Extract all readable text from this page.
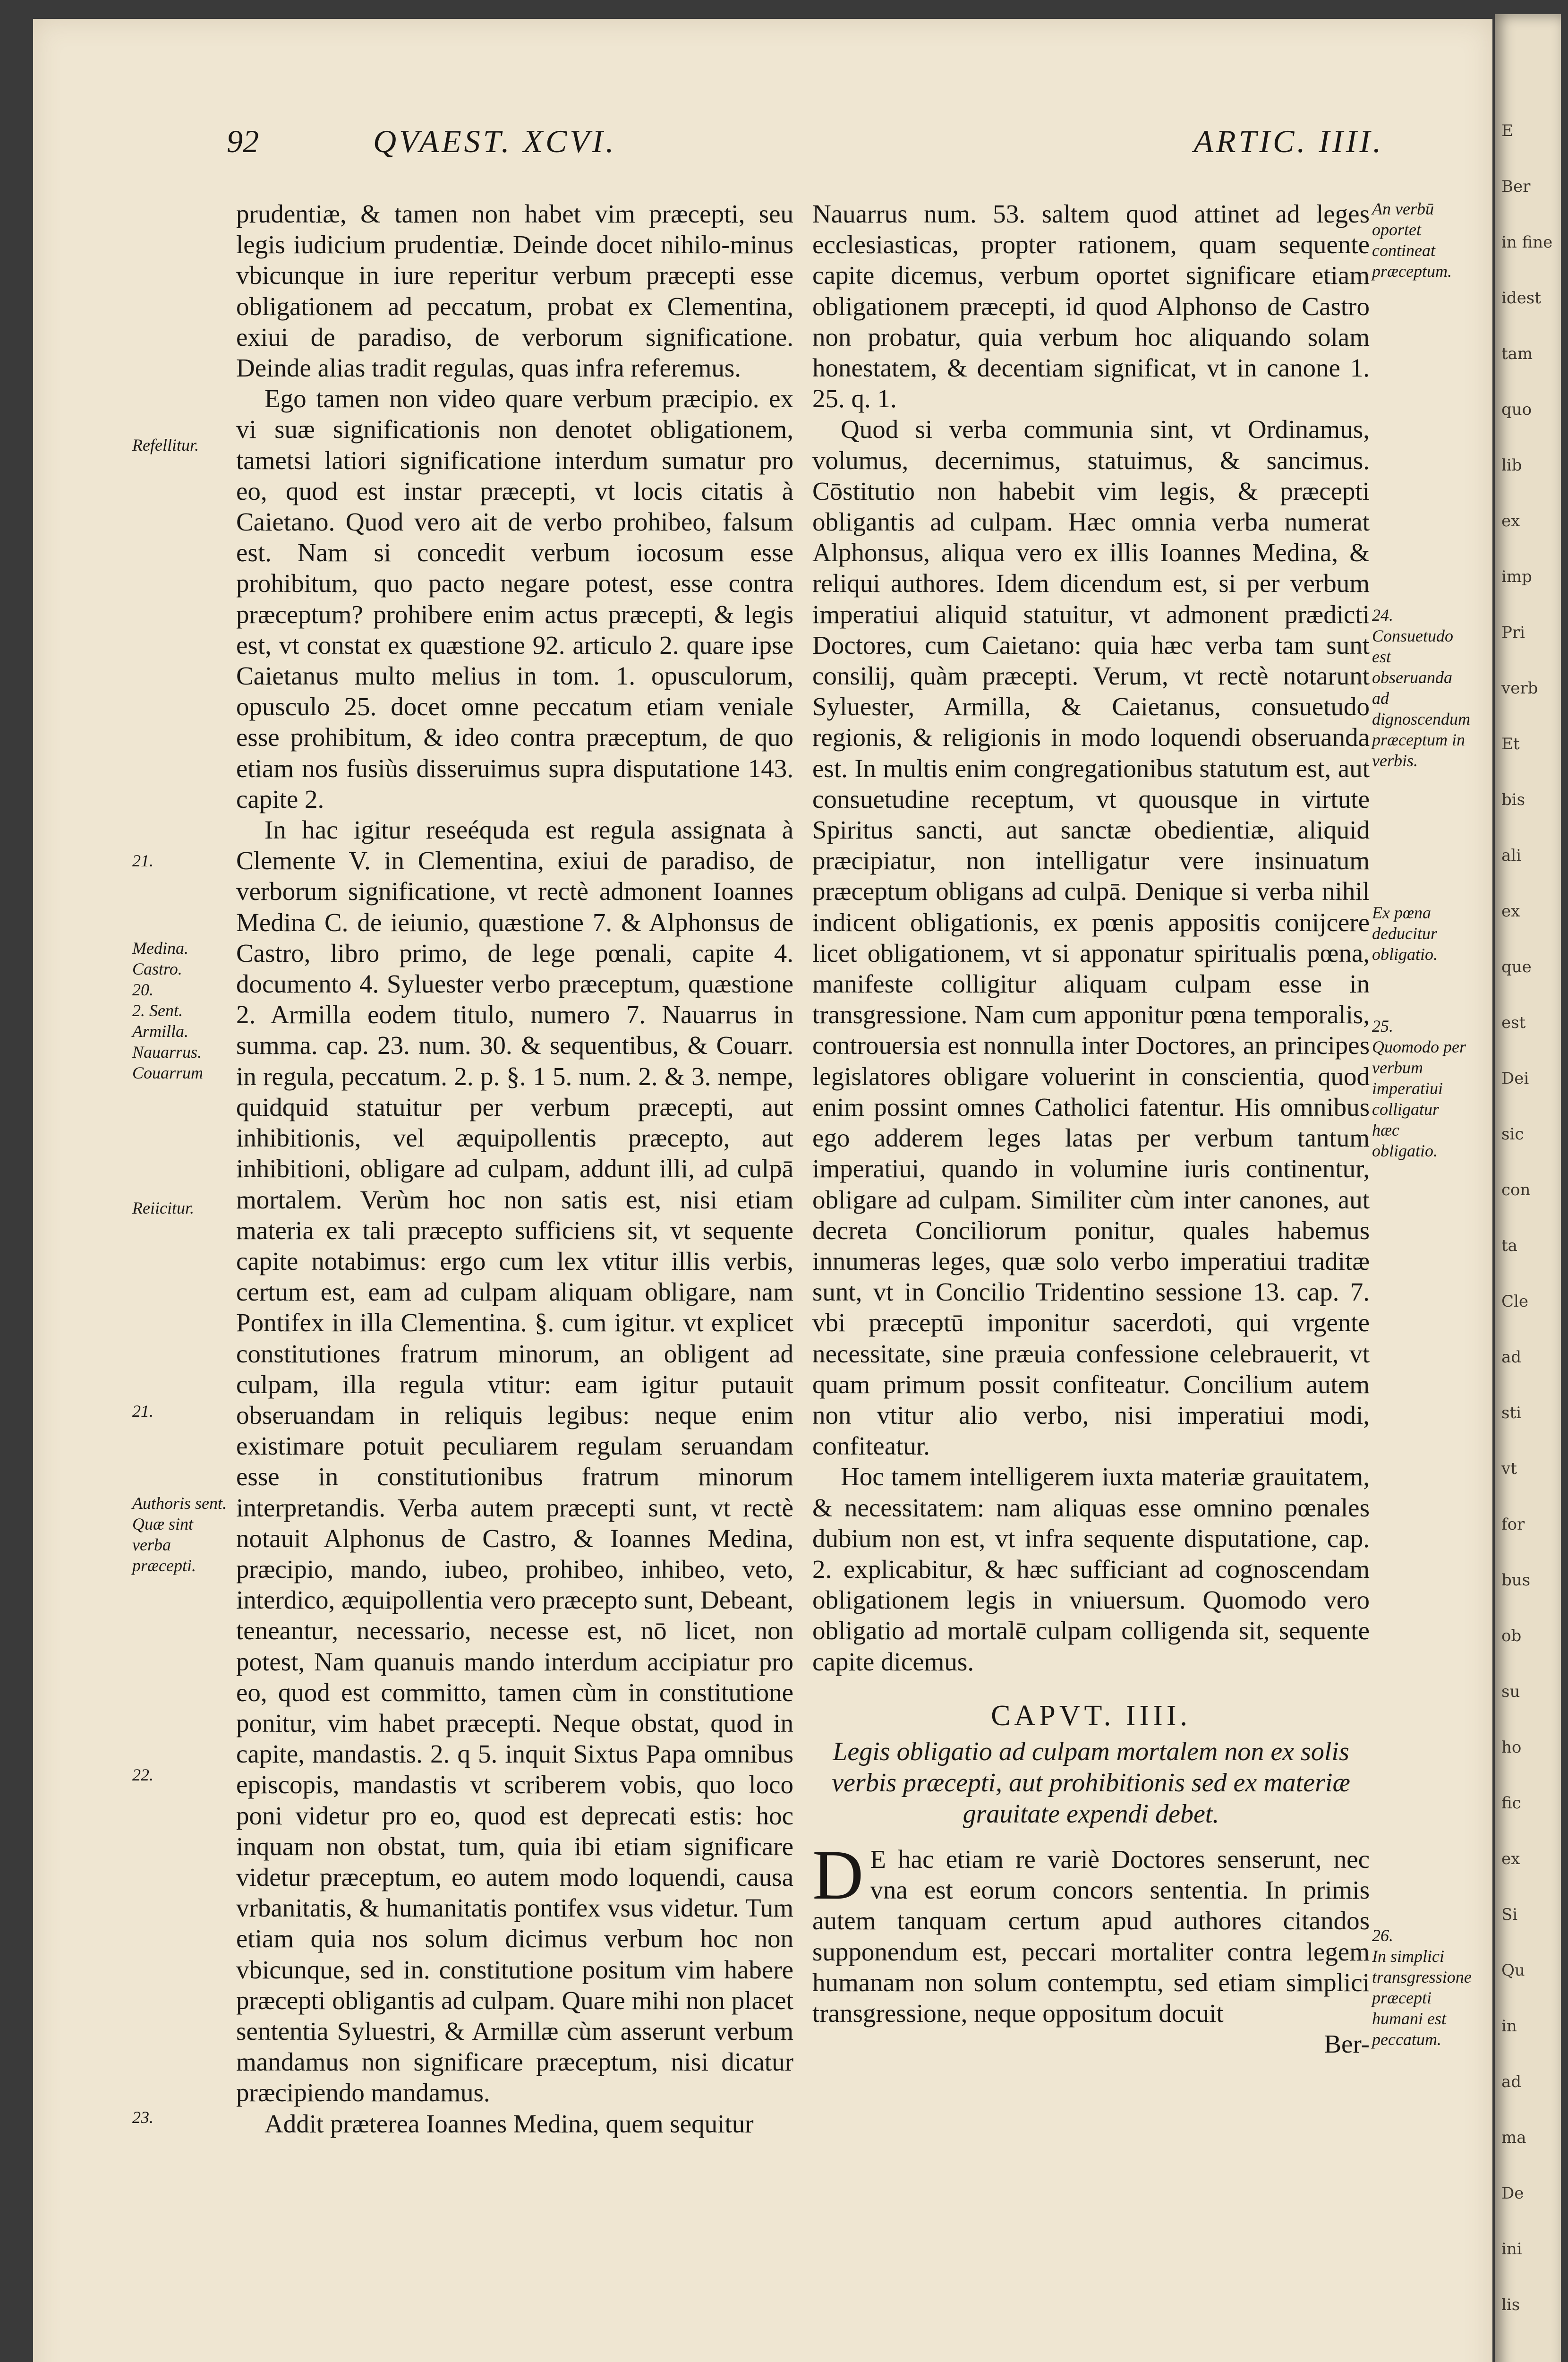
E
Ber
in fine
idest
tam
quo
lib
ex
imp
Pri
verb
Et
bis
ali
ex
que
est
Dei
sic
con
ta
Cle
ad
sti
vt
for
bus
ob
su
ho
fic
ex
Si
Qu
in
ad
ma
De
ini
lis
92	QVAEST. XCVI.	ARTIC. IIII.

prudentiæ, & tamen non habet vim præcepti, seu legis iudicium prudentiæ. Deinde docet nihilo-minus vbicunque in iure reperitur verbum præcepti esse obligationem ad peccatum, probat ex Clementina, exiui de paradiso, de verborum significatione. Deinde alias tradit regulas, quas infra referemus.

Ego tamen non video quare verbum præcipio. ex vi suæ significationis non denotet obligationem, tametsi latiori significatione interdum sumatur pro eo, quod est instar præcepti, vt locis citatis à Caietano. Quod vero ait de verbo prohibeo, falsum est. Nam si concedit verbum iocosum esse prohibitum, quo pacto negare potest, esse contra præceptum? prohibere enim actus præcepti, & legis est, vt constat ex quæstione 92. articulo 2. quare ipse Caietanus multo melius in tom. 1. opusculorum, opusculo 25. docet omne peccatum etiam veniale esse prohibitum, & ideo contra præceptum, de quo etiam nos fusiùs disseruimus supra disputatione 143. capite 2.

In hac igitur reseéquda est regula assignata à Clemente V. in Clementina, exiui de paradiso, de verborum significatione, vt rectè admonent Ioannes Medina C. de ieiunio, quæstione 7. & Alphonsus de Castro, libro primo, de lege pœnali, capite 4. documento 4. Syluester verbo præceptum, quæstione 2. Armilla eodem titulo, numero 7. Nauarrus in summa. cap. 23. num. 30. & sequentibus, & Couarr. in regula, peccatum. 2. p. §. 1 5. num. 2. & 3. nempe, quidquid statuitur per verbum præcepti, aut inhibitionis, vel æquipollentis præcepto, aut inhibitioni, obligare ad culpam, addunt illi, ad culpā mortalem. Verùm hoc non satis est, nisi etiam materia ex tali præcepto sufficiens sit, vt sequente capite notabimus: ergo cum lex vtitur illis verbis, certum est, eam ad culpam aliquam obligare, nam Pontifex in illa Clementina. §. cum igitur. vt explicet constitutiones fratrum minorum, an obligent ad culpam, illa regula vtitur: eam igitur putauit obseruandam in reliquis legibus: neque enim existimare potuit peculiarem regulam seruandam esse in constitutionibus fratrum minorum interpretandis. Verba autem præcepti sunt, vt rectè notauit Alphonus de Castro, & Ioannes Medina, præcipio, mando, iubeo, prohibeo, inhibeo, veto, interdico, æquipollentia vero præcepto sunt, Debeant, teneantur, necessario, necesse est, nō licet, non potest, Nam quanuis mando interdum accipiatur pro eo, quod est committo, tamen cùm in constitutione ponitur, vim habet præcepti. Neque obstat, quod in capite, mandastis. 2. q 5. inquit Sixtus Papa omnibus episcopis, mandastis vt scriberem vobis, quo loco poni videtur pro eo, quod est deprecati estis: hoc inquam non obstat, tum, quia ibi etiam significare videtur præceptum, eo autem modo loquendi, causa vrbanitatis, & humanitatis pontifex vsus videtur. Tum etiam quia nos solum dicimus verbum hoc non vbicunque, sed in. constitutione positum vim habere præcepti obligantis ad culpam. Quare mihi non placet sententia Syluestri, & Armillæ cùm asserunt verbum mandamus non significare præceptum, nisi dicatur præcipiendo mandamus.

Addit præterea Ioannes Medina, quem sequitur

Nauarrus num. 53. saltem quod attinet ad leges ecclesiasticas, propter rationem, quam sequente capite dicemus, verbum oportet significare etiam obligationem præcepti, id quod Alphonso de Castro non probatur, quia verbum hoc aliquando solam honestatem, & decentiam significat, vt in canone 1. 25. q. 1.

Quod si verba communia sint, vt Ordinamus, volumus, decernimus, statuimus, & sancimus. Cōstitutio non habebit vim legis, & præcepti obligantis ad culpam. Hæc omnia verba numerat Alphonsus, aliqua vero ex illis Ioannes Medina, & reliqui authores. Idem dicendum est, si per verbum imperatiui aliquid statuitur, vt admonent prædicti Doctores, cum Caietano: quia hæc verba tam sunt consilij, quàm præcepti. Verum, vt rectè notarunt Syluester, Armilla, & Caietanus, consuetudo regionis, & religionis in modo loquendi obseruanda est. In multis enim congregationibus statutum est, aut consuetudine receptum, vt quousque in virtute Spiritus sancti, aut sanctæ obedientiæ, aliquid præcipiatur, non intelligatur vere insinuatum præceptum obligans ad culpā. Denique si verba nihil indicent obligationis, ex pœnis appositis conijcere licet obligationem, vt si apponatur spiritualis pœna, manifeste colligitur aliquam culpam esse in transgressione. Nam cum apponitur pœna temporalis, controuersia est nonnulla inter Doctores, an principes legislatores obligare voluerint in conscientia, quod enim possint omnes Catholici fatentur. His omnibus ego adderem leges latas per verbum tantum imperatiui, quando in volumine iuris continentur, obligare ad culpam. Similiter cùm inter canones, aut decreta Conciliorum ponitur, quales habemus innumeras leges, quæ solo verbo imperatiui traditæ sunt, vt in Concilio Tridentino sessione 13. cap. 7. vbi præceptū imponitur sacerdoti, qui vrgente necessitate, sine præuia confessione celebrauerit, vt quam primum possit confiteatur. Concilium autem non vtitur alio verbo, nisi imperatiui modi, confiteatur.

Hoc tamem intelligerem iuxta materiæ grauitatem, & necessitatem: nam aliquas esse omnino pœnales dubium non est, vt infra sequente disputatione, cap. 2. explicabitur, & hæc sufficiant ad cognoscendam obligationem legis in vniuersum. Quomodo vero obligatio ad mortalē culpam colligenda sit, sequente capite dicemus.

CAPVT. IIII.

Legis obligatio ad culpam mortalem non ex solis verbis præcepti, aut prohibitionis sed ex materiæ grauitate expendi debet.

D E hac etiam re variè Doctores senserunt, nec vna est eorum concors sententia. In primis autem tanquam certum apud authores citandos supponendum est, peccari mortaliter contra legem humanam non solum contemptu, sed etiam simplici transgressione, neque oppositum docuit

Ber-

Refellitur.
21.
Medina.
Castro.
20.
2. Sent.
Armilla.
Nauarrus.
Couarrum
Reiicitur.
21.
Authoris sent.
Quæ sint verba præcepti.
22.
23.
An verbū oportet contineat præceptum.
24.
Consuetudo est obseruanda ad dignoscendum præceptum in verbis.
Ex pœna deducitur obligatio.
25.
Quomodo per verbum imperatiui colligatur hæc obligatio.
26.
In simplici transgressione præcepti humani est peccatum.
